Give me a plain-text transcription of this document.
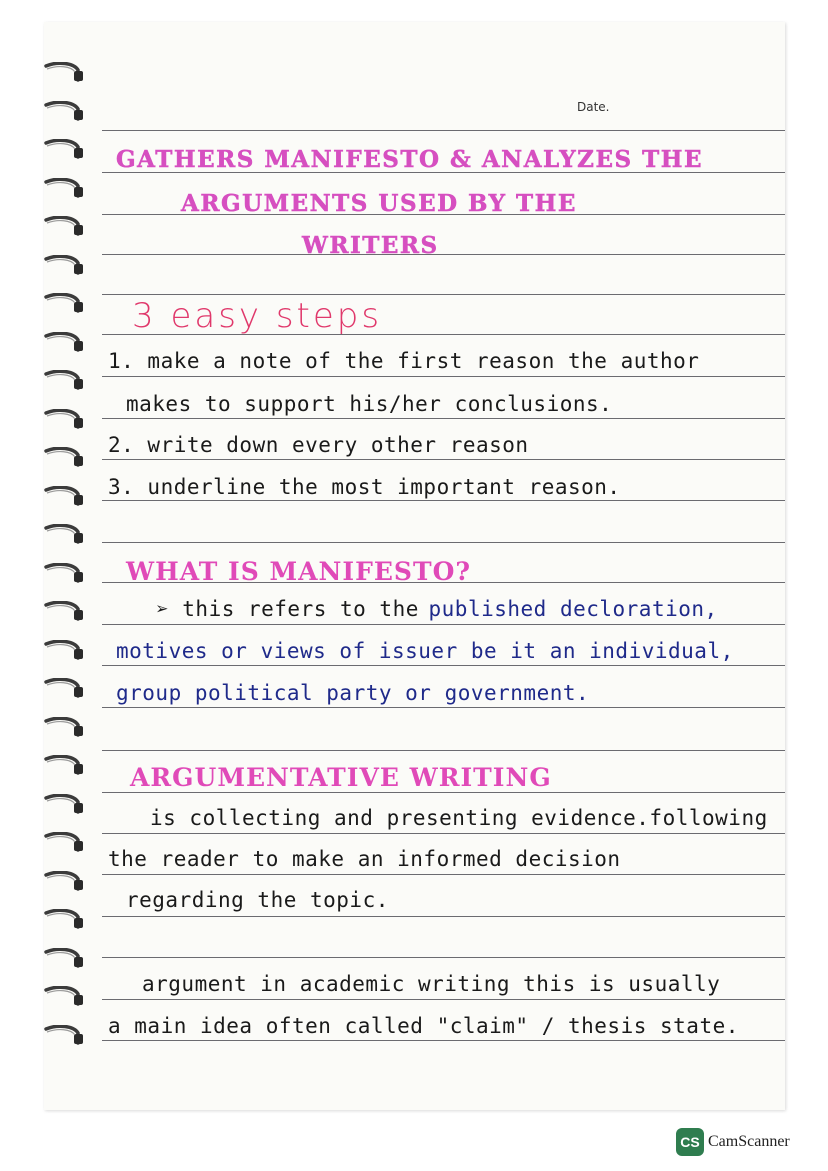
Date.
GATHERS MANIFESTO & ANALYZES THE
ARGUMENTS USED BY THE
WRITERS
3 easy steps
1. make a note of the first reason the author
makes to support his/her conclusions.
2. write down every other reason
3. underline the most important reason.
WHAT IS MANIFESTO?
➢ this refers to the published decloration,
motives or views of issuer be it an individual,
group political party or government.
ARGUMENTATIVE WRITING
is collecting and presenting evidence.following
the reader to make an informed decision
regarding the topic.
argument in academic writing this is usually
a main idea often called "claim" / thesis state.
CS CamScanner
